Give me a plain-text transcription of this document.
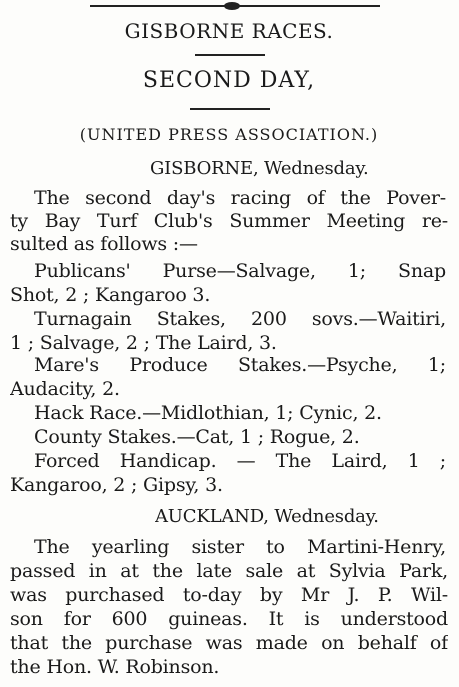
GISBORNE RACES.
SECOND DAY,
(UNITED PRESS ASSOCIATION.)
GISBORNE, Wednesday.
The second day's racing of the Pover-
ty Bay Turf Club's Summer Meeting re-
sulted as follows :—
Publicans' Purse—Salvage, 1; Snap
Shot, 2 ; Kangaroo 3.
Turnagain Stakes, 200 sovs.—Waitiri,
1 ; Salvage, 2 ; The Laird, 3.
Mare's Produce Stakes.—Psyche, 1;
Audacity, 2.
Hack Race.—Midlothian, 1; Cynic, 2.
County Stakes.—Cat, 1 ; Rogue, 2.
Forced Handicap. — The Laird, 1 ;
Kangaroo, 2 ; Gipsy, 3.
AUCKLAND, Wednesday.
The yearling sister to Martini-Henry,
passed in at the late sale at Sylvia Park,
was purchased to-day by Mr J. P. Wil-
son for 600 guineas. It is understood
that the purchase was made on behalf of
the Hon. W. Robinson.
